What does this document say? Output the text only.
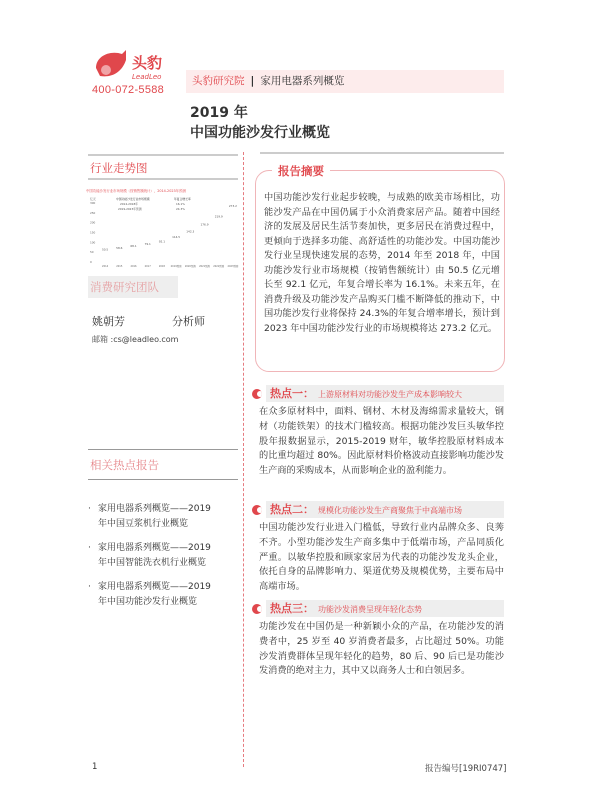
头豹
LeadLeo
400-072-5588
头豹研究院 | 家用电器系列概览
2019 年
中国功能沙发行业概览
行业走势图
中国功能沙发行业市场规模（按销售额统计），2014-2023年预测
亿元	中国功能沙发行业市场规模
2014-2018年
2019-2023年预测
年复合增长率
16.1%
24.3%
0
50
100
150
200
250
300
50.5
2014
58.6
2015
68.1
2016
79.1
2017
92.1
2018
114.5
2019预测
142.3
2020预测
176.9
2021预测
219.9
2022预测
273.2
2023预测
消费研究团队
姚朝芳	分析师
邮箱 :cs@leadleo.com
相关热点报告
· 家用电器系列概览——2019
年中国豆浆机行业概览
· 家用电器系列概览——2019
年中国智能洗衣机行业概览
· 家用电器系列概览——2019
年中国功能沙发行业概览
报告摘要
中国功能沙发行业起步较晚，与成熟的欧美市场相比，功能沙发产品在中国仍属于小众消费家居产品。随着中国经济的发展及居民生活节奏加快，更多居民在消费过程中，更倾向于选择多功能、高舒适性的功能沙发。中国功能沙发行业呈现快速发展的态势，2014 年至 2018 年，中国功能沙发行业市场规模（按销售额统计）由 50.5 亿元增长至 92.1 亿元，年复合增长率为 16.1%。未来五年，在消费升级及功能沙发产品购买门槛不断降低的推动下，中国功能沙发行业将保持 24.3%的年复合增率增长，预计到 2023 年中国功能沙发行业的市场规模将达 273.2 亿元。
热点一： 上游原材料对功能沙发生产成本影响较大
在众多原材料中，面料、钢材、木材及海绵需求量较大，钢材（功能铁架）的技术门槛较高。根据功能沙发巨头敏华控股年报数据显示，2015-2019 财年，敏华控股原材料成本的比重均超过 80%。因此原材料价格波动直接影响功能沙发生产商的采购成本，从而影响企业的盈利能力。
热点二： 规模化功能沙发生产商聚焦于中高端市场
中国功能沙发行业进入门槛低，导致行业内品牌众多、良莠不齐。小型功能沙发生产商多集中于低端市场，产品同质化严重。以敏华控股和顾家家居为代表的功能沙发龙头企业，依托自身的品牌影响力、渠道优势及规模优势，主要布局中高端市场。
热点三： 功能沙发消费呈现年轻化态势
功能沙发在中国仍是一种新颖小众的产品，在功能沙发的消费者中，25 岁至 40 岁消费者最多，占比超过 50%。功能沙发消费群体呈现年轻化的趋势，80 后、90 后已是功能沙发消费的绝对主力，其中又以商务人士和白领居多。
1	报告编号[19RI0747]
